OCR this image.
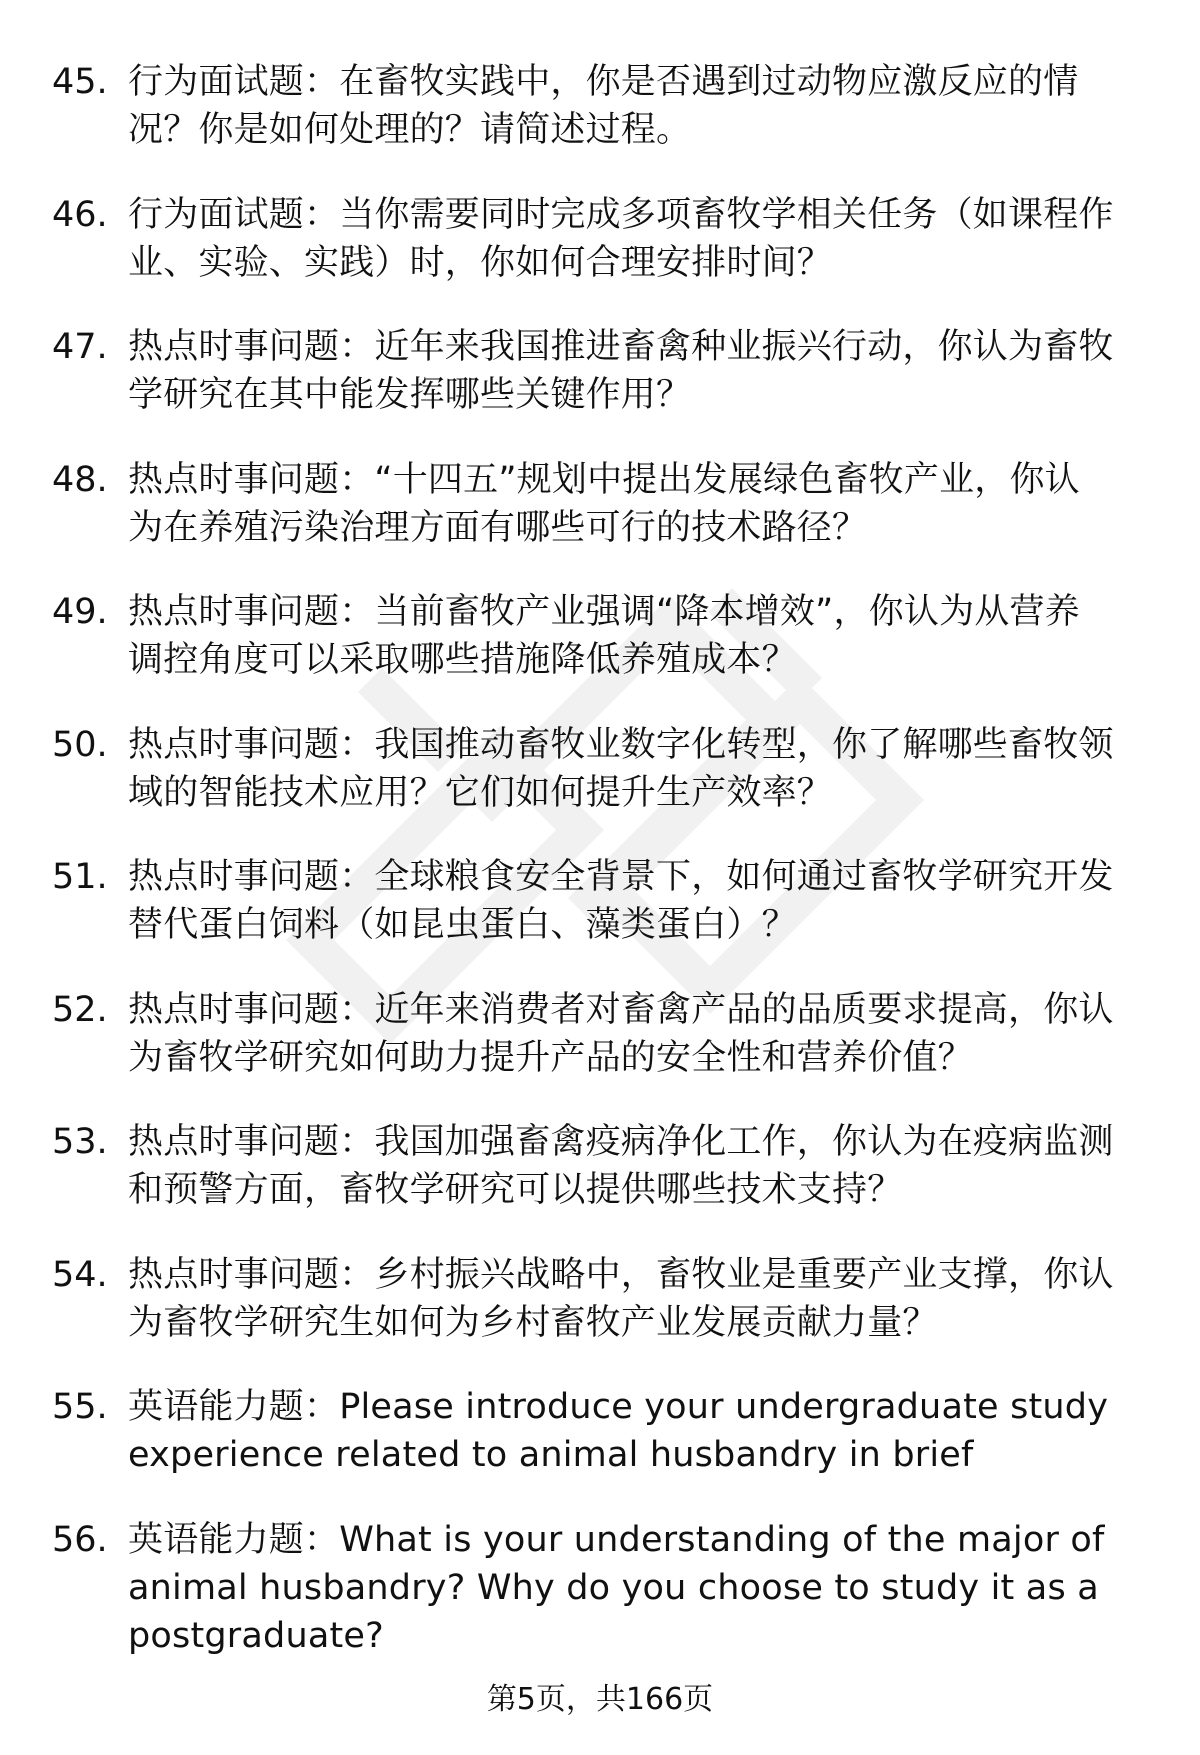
45. 行为面试题：在畜牧实践中，你是否遇到过动物应激反应的情
况？你是如何处理的？请简述过程。
46. 行为面试题：当你需要同时完成多项畜牧学相关任务（如课程作
业、实验、实践）时，你如何合理安排时间？
47. 热点时事问题：近年来我国推进畜禽种业振兴行动，你认为畜牧
学研究在其中能发挥哪些关键作用？
48. 热点时事问题：“十四五”规划中提出发展绿色畜牧产业，你认
为在养殖污染治理方面有哪些可行的技术路径？
49. 热点时事问题：当前畜牧产业强调“降本增效”，你认为从营养
调控角度可以采取哪些措施降低养殖成本？
50. 热点时事问题：我国推动畜牧业数字化转型，你了解哪些畜牧领
域的智能技术应用？它们如何提升生产效率？
51. 热点时事问题：全球粮食安全背景下，如何通过畜牧学研究开发
替代蛋白饲料（如昆虫蛋白、藻类蛋白）？
52. 热点时事问题：近年来消费者对畜禽产品的品质要求提高，你认
为畜牧学研究如何助力提升产品的安全性和营养价值？
53. 热点时事问题：我国加强畜禽疫病净化工作，你认为在疫病监测
和预警方面，畜牧学研究可以提供哪些技术支持？
54. 热点时事问题：乡村振兴战略中，畜牧业是重要产业支撑，你认
为畜牧学研究生如何为乡村畜牧产业发展贡献力量？
55. 英语能力题：Please introduce your undergraduate study
experience related to animal husbandry in brief
56. 英语能力题：What is your understanding of the major of
animal husbandry? Why do you choose to study it as a
postgraduate?
第5页，共166页
